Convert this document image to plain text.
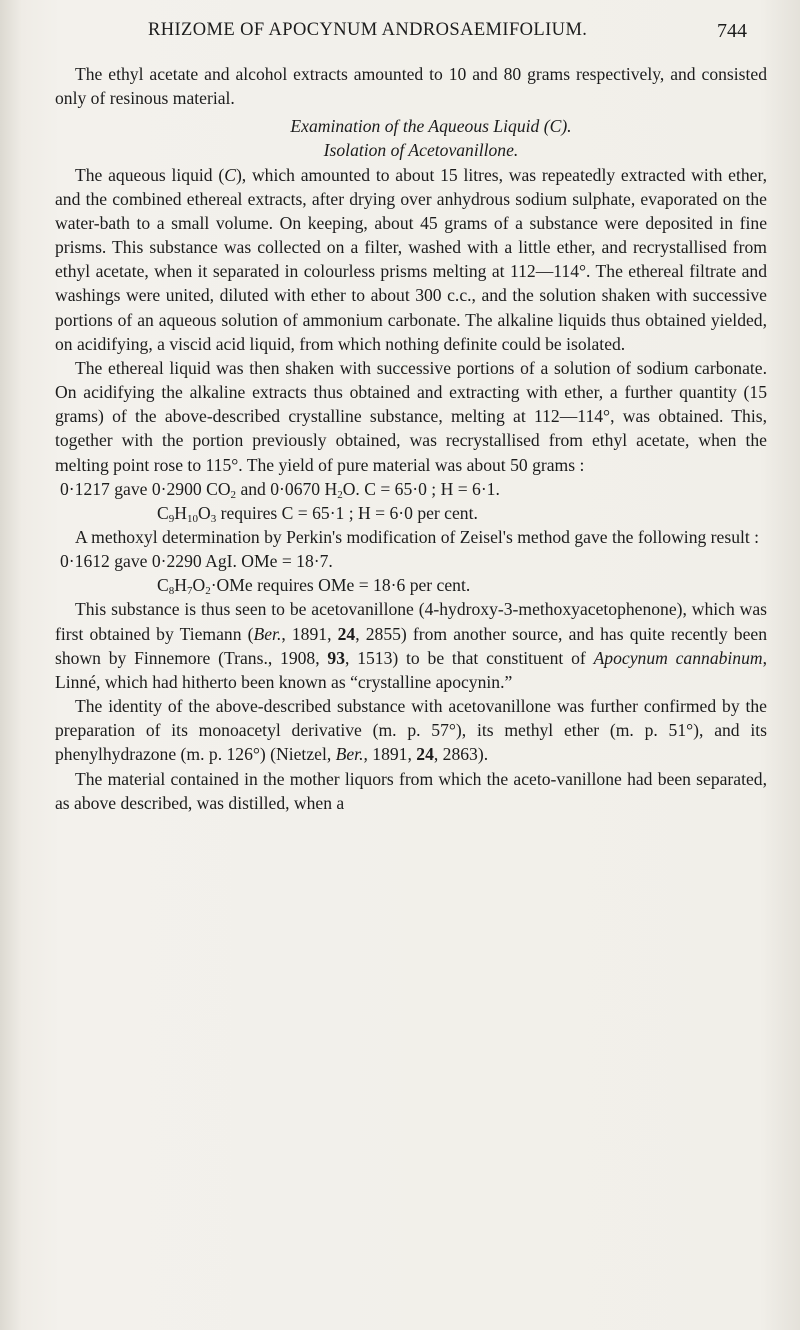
RHIZOME OF APOCYNUM ANDROSAEMIFOLIUM.	744

The ethyl acetate and alcohol extracts amounted to 10 and 80 grams respectively, and consisted only of resinous material.

Examination of the Aqueous Liquid (C).

Isolation of Acetovanillone.

The aqueous liquid (C), which amounted to about 15 litres, was repeatedly extracted with ether, and the combined ethereal extracts, after drying over anhydrous sodium sulphate, evaporated on the water-bath to a small volume. On keeping, about 45 grams of a substance were deposited in fine prisms. This substance was collected on a filter, washed with a little ether, and recrystallised from ethyl acetate, when it separated in colourless prisms melting at 112—114°. The ethereal filtrate and washings were united, diluted with ether to about 300 c.c., and the solution shaken with successive portions of an aqueous solution of ammonium carbonate. The alkaline liquids thus obtained yielded, on acidifying, a viscid acid liquid, from which nothing definite could be isolated.

The ethereal liquid was then shaken with successive portions of a solution of sodium carbonate. On acidifying the alkaline extracts thus obtained and extracting with ether, a further quantity (15 grams) of the above-described crystalline substance, melting at 112—114°, was obtained. This, together with the portion previously obtained, was recrystallised from ethyl acetate, when the melting point rose to 115°. The yield of pure material was about 50 grams :

0·1217 gave 0·2900 $CO_2$ and 0·0670 $H_2O$. C = 65·0 ; H = 6·1.

$C_9H_{10}O_3$ requires C = 65·1 ; H = 6·0 per cent.

A methoxyl determination by Perkin's modification of Zeisel's method gave the following result :

0·1612 gave 0·2290 AgI. OMe = 18·7.

$C_8H_7O_2\cdot OMe$ requires OMe = 18·6 per cent.

This substance is thus seen to be acetovanillone (4-hydroxy-3-methoxyacetophenone), which was first obtained by Tiemann (Ber., 1891, 24, 2855) from another source, and has quite recently been shown by Finnemore (Trans., 1908, 93, 1513) to be that constituent of Apocynum cannabinum, Linné, which had hitherto been known as “crystalline apocynin.”

The identity of the above-described substance with acetovanillone was further confirmed by the preparation of its monoacetyl derivative (m. p. 57°), its methyl ether (m. p. 51°), and its phenylhydrazone (m. p. 126°) (Nietzel, Ber., 1891, 24, 2863).

The material contained in the mother liquors from which the aceto-vanillone had been separated, as above described, was distilled, when a
